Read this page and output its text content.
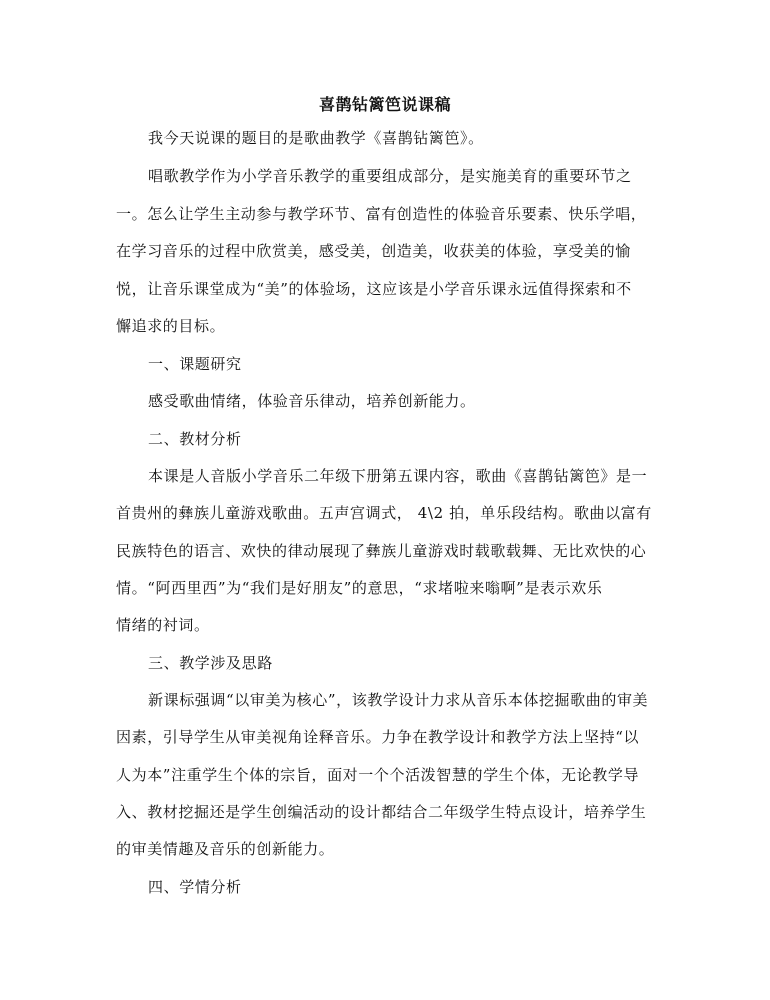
喜鹊钻篱笆说课稿
我今天说课的题目的是歌曲教学《喜鹊钻篱笆》。
唱歌教学作为小学音乐教学的重要组成部分，是实施美育的重要环节之
一。怎么让学生主动参与教学环节、富有创造性的体验音乐要素、快乐学唱，
在学习音乐的过程中欣赏美，感受美，创造美，收获美的体验，享受美的愉
悦，让音乐课堂成为“美”的体验场，这应该是小学音乐课永远值得探索和不
懈追求的目标。
一、课题研究
感受歌曲情绪，体验音乐律动，培养创新能力。
二、教材分析
本课是人音版小学音乐二年级下册第五课内容，歌曲《喜鹊钻篱笆》是一
首贵州的彝族儿童游戏歌曲。五声宫调式， 4\2 拍，单乐段结构。歌曲以富有
民族特色的语言、欢快的律动展现了彝族儿童游戏时载歌载舞、无比欢快的心
情。“阿西里西”为“我们是好朋友”的意思，“求堵啦来嗡啊”是表示欢乐
情绪的衬词。
三、教学涉及思路
新课标强调“以审美为核心”，该教学设计力求从音乐本体挖掘歌曲的审美
因素，引导学生从审美视角诠释音乐。力争在教学设计和教学方法上坚持“以
人为本”注重学生个体的宗旨，面对一个个活泼智慧的学生个体，无论教学导
入、教材挖掘还是学生创编活动的设计都结合二年级学生特点设计，培养学生
的审美情趣及音乐的创新能力。
四、学情分析
